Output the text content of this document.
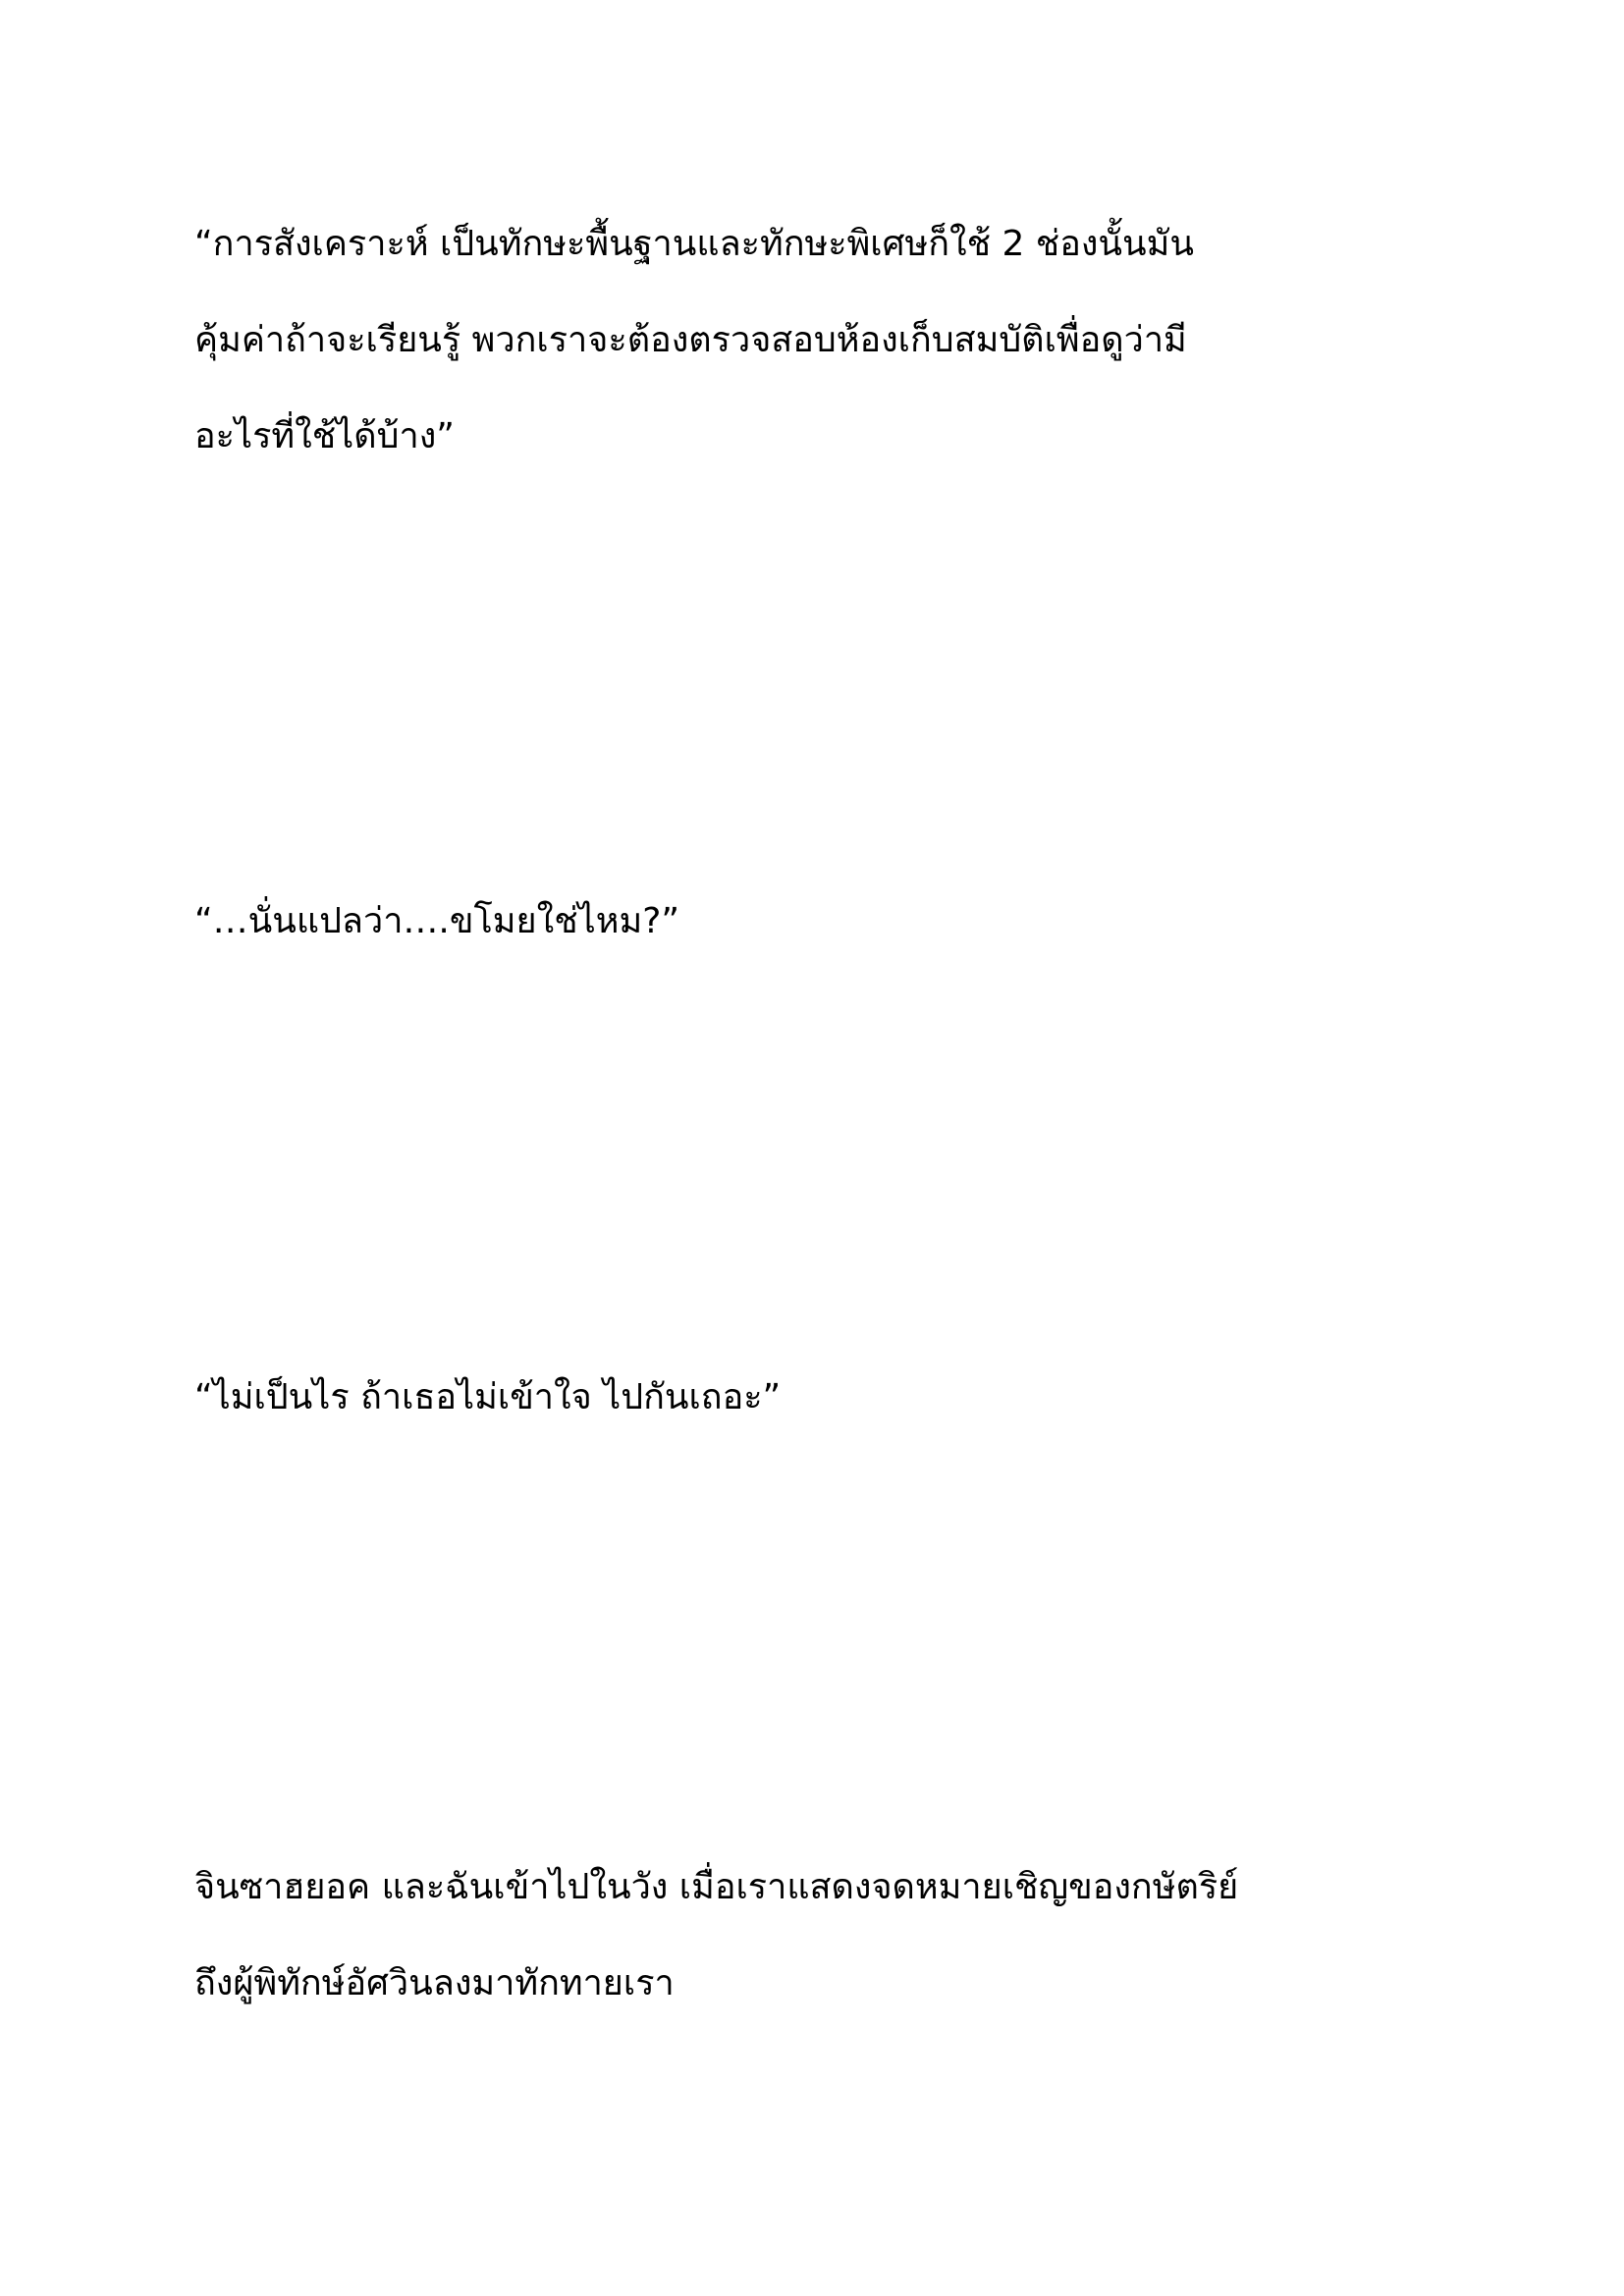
“การสังเคราะห์ เป็นทักษะพื้นฐานและทักษะพิเศษก็ใช้ 2 ช่องนั้นมัน
คุ้มค่าถ้าจะเรียนรู้ พวกเราจะต้องตรวจสอบห้องเก็บสมบัติเพื่อดูว่ามี
อะไรที่ใช้ได้บ้าง”

“…นั่นแปลว่า….ขโมยใช่ไหม?”

“ไม่เป็นไร ถ้าเธอไม่เข้าใจ ไปกันเถอะ”

จินซาฮยอค และฉันเข้าไปในวัง เมื่อเราแสดงจดหมายเชิญของกษัตริย์
ถึงผู้พิทักษ์อัศวินลงมาทักทายเรา
